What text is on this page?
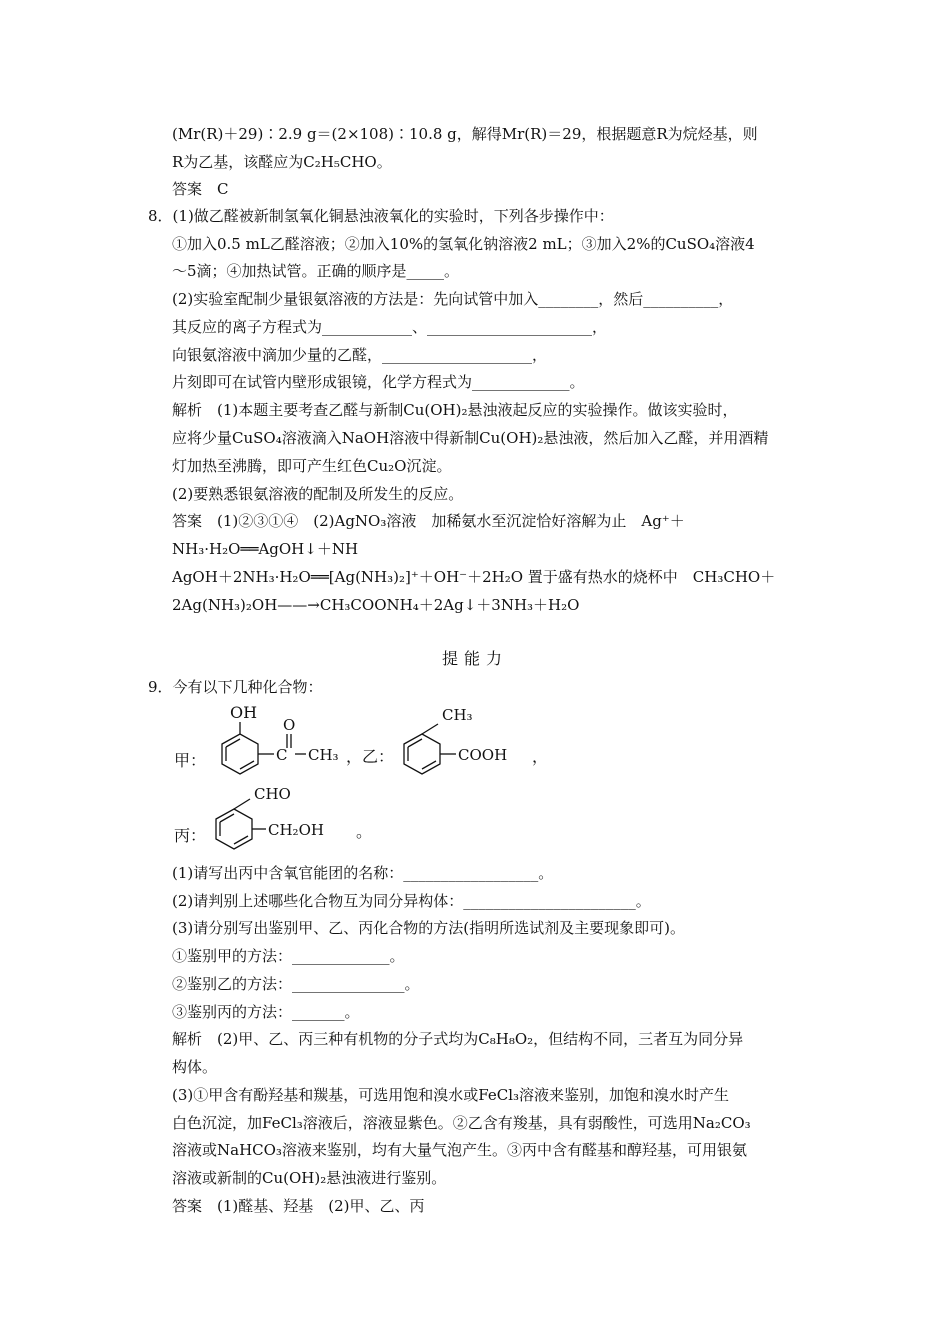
(Mr(R)＋29)∶2.9 g＝(2×108)∶10.8 g，解得Mr(R)＝29，根据题意R为烷烃基，则
R为乙基，该醛应为C₂H₅CHO。
答案　C
8．(1)做乙醛被新制氢氧化铜悬浊液氧化的实验时，下列各步操作中：
①加入0.5 mL乙醛溶液；②加入10%的氢氧化钠溶液2 mL；③加入2%的CuSO₄溶液4
～5滴；④加热试管。正确的顺序是_____。
(2)实验室配制少量银氨溶液的方法是：先向试管中加入________，然后__________，
其反应的离子方程式为____________、______________________，
向银氨溶液中滴加少量的乙醛，____________________，
片刻即可在试管内壁形成银镜，化学方程式为_____________。
解析　(1)本题主要考查乙醛与新制Cu(OH)₂悬浊液起反应的实验操作。做该实验时，
应将少量CuSO₄溶液滴入NaOH溶液中得新制Cu(OH)₂悬浊液，然后加入乙醛，并用酒精
灯加热至沸腾，即可产生红色Cu₂O沉淀。
(2)要熟悉银氨溶液的配制及所发生的反应。
答案　(1)②③①④　(2)AgNO₃溶液　加稀氨水至沉淀恰好溶解为止　Ag⁺＋
NH₃·H₂O══AgOH↓＋NH
AgOH＋2NH₃·H₂O══[Ag(NH₃)₂]⁺＋OH⁻＋2H₂O 置于盛有热水的烧杯中　CH₃CHO＋
2Ag(NH₃)₂OH——→CH₃COONH₄＋2Ag↓＋3NH₃＋H₂O
提能力
9．今有以下几种化合物：
甲：
OH
O
C CH₃ ，乙：
CH₃
COOH ，
丙：
CHO
CH₂OH 。
(1)请写出丙中含氧官能团的名称：__________________。
(2)请判别上述哪些化合物互为同分异构体：_______________________。
(3)请分别写出鉴别甲、乙、丙化合物的方法(指明所选试剂及主要现象即可)。
①鉴别甲的方法：_____________。
②鉴别乙的方法：_______________。
③鉴别丙的方法：_______。
解析　(2)甲、乙、丙三种有机物的分子式均为C₈H₈O₂，但结构不同，三者互为同分异
构体。
(3)①甲含有酚羟基和羰基，可选用饱和溴水或FeCl₃溶液来鉴别，加饱和溴水时产生
白色沉淀，加FeCl₃溶液后，溶液显紫色。②乙含有羧基，具有弱酸性，可选用Na₂CO₃
溶液或NaHCO₃溶液来鉴别，均有大量气泡产生。③丙中含有醛基和醇羟基，可用银氨
溶液或新制的Cu(OH)₂悬浊液进行鉴别。
答案　(1)醛基、羟基　(2)甲、乙、丙
